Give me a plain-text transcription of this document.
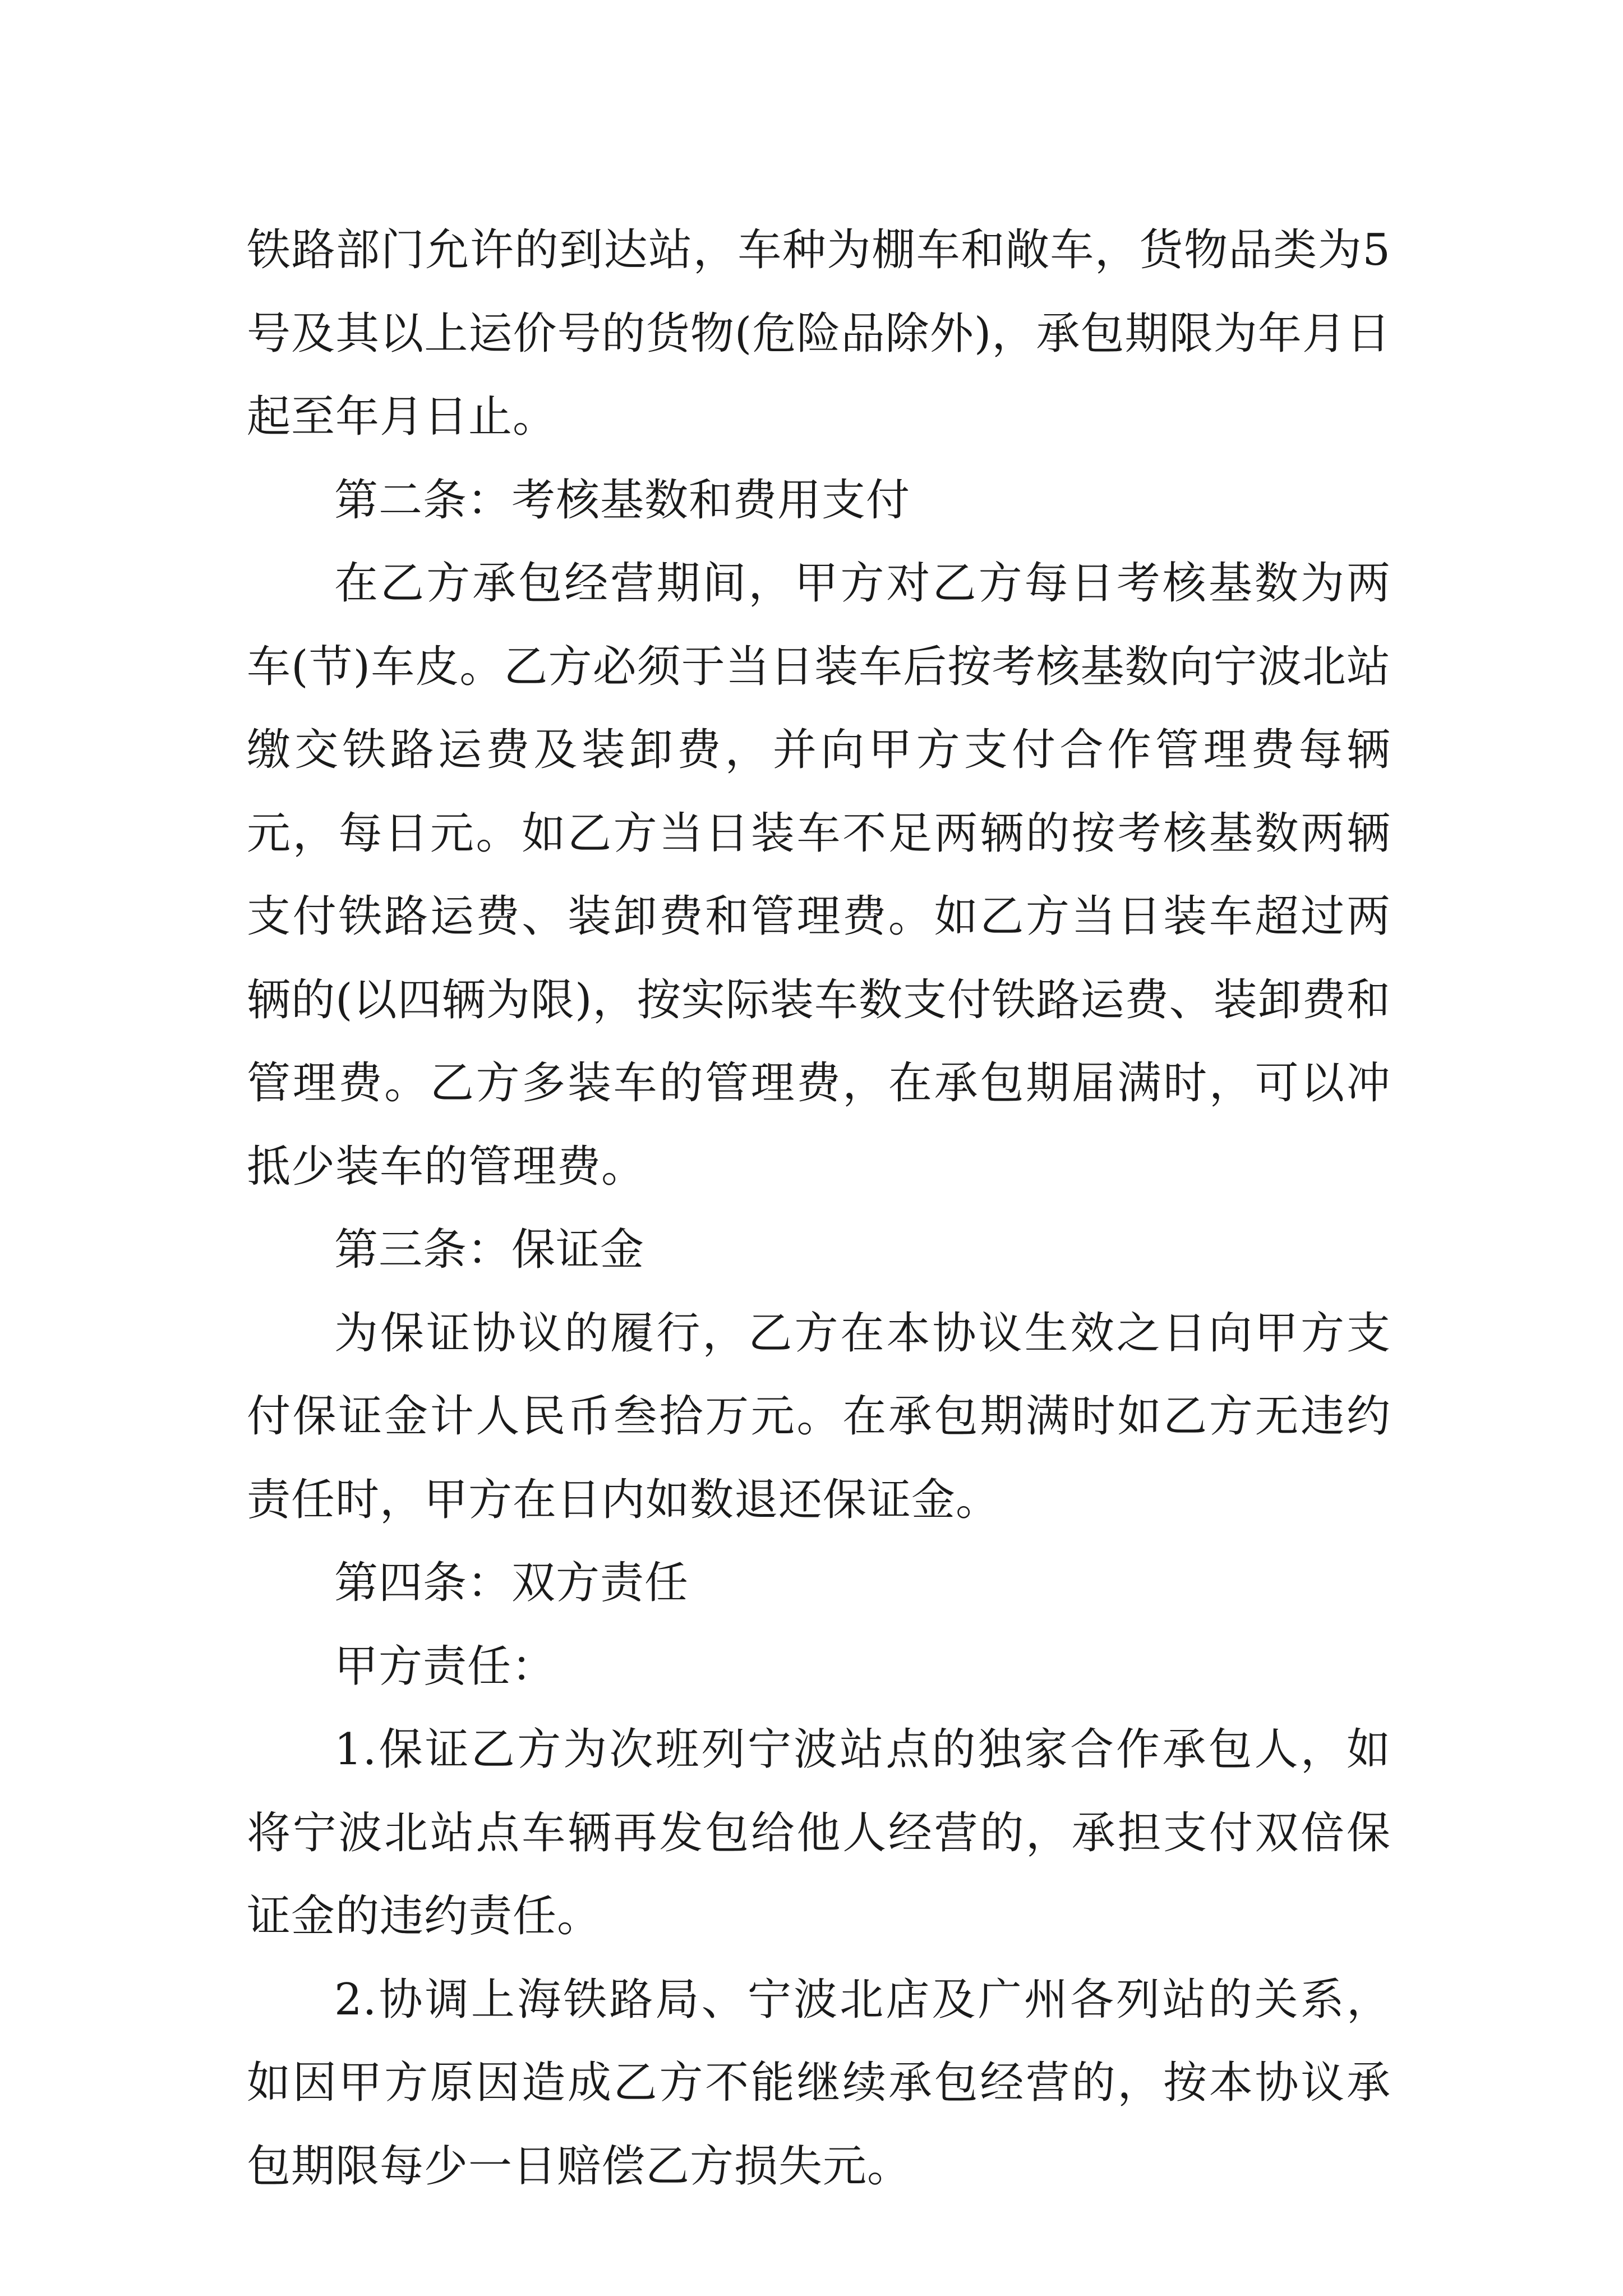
铁路部门允许的到达站，车种为棚车和敞车，货物品类为5号及其以上运价号的货物(危险品除外)，承包期限为年月日起至年月日止。

第二条：考核基数和费用支付

在乙方承包经营期间，甲方对乙方每日考核基数为两车(节)车皮。乙方必须于当日装车后按考核基数向宁波北站缴交铁路运费及装卸费，并向甲方支付合作管理费每辆元，每日元。如乙方当日装车不足两辆的按考核基数两辆支付铁路运费、装卸费和管理费。如乙方当日装车超过两辆的(以四辆为限)，按实际装车数支付铁路运费、装卸费和管理费。乙方多装车的管理费，在承包期届满时，可以冲抵少装车的管理费。

第三条：保证金

为保证协议的履行，乙方在本协议生效之日向甲方支付保证金计人民币叁拾万元。在承包期满时如乙方无违约责任时，甲方在日内如数退还保证金。

第四条：双方责任

甲方责任：

1.保证乙方为次班列宁波站点的独家合作承包人，如将宁波北站点车辆再发包给他人经营的，承担支付双倍保证金的违约责任。

2.协调上海铁路局、宁波北店及广州各列站的关系，如因甲方原因造成乙方不能继续承包经营的，按本协议承包期限每少一日赔偿乙方损失元。
